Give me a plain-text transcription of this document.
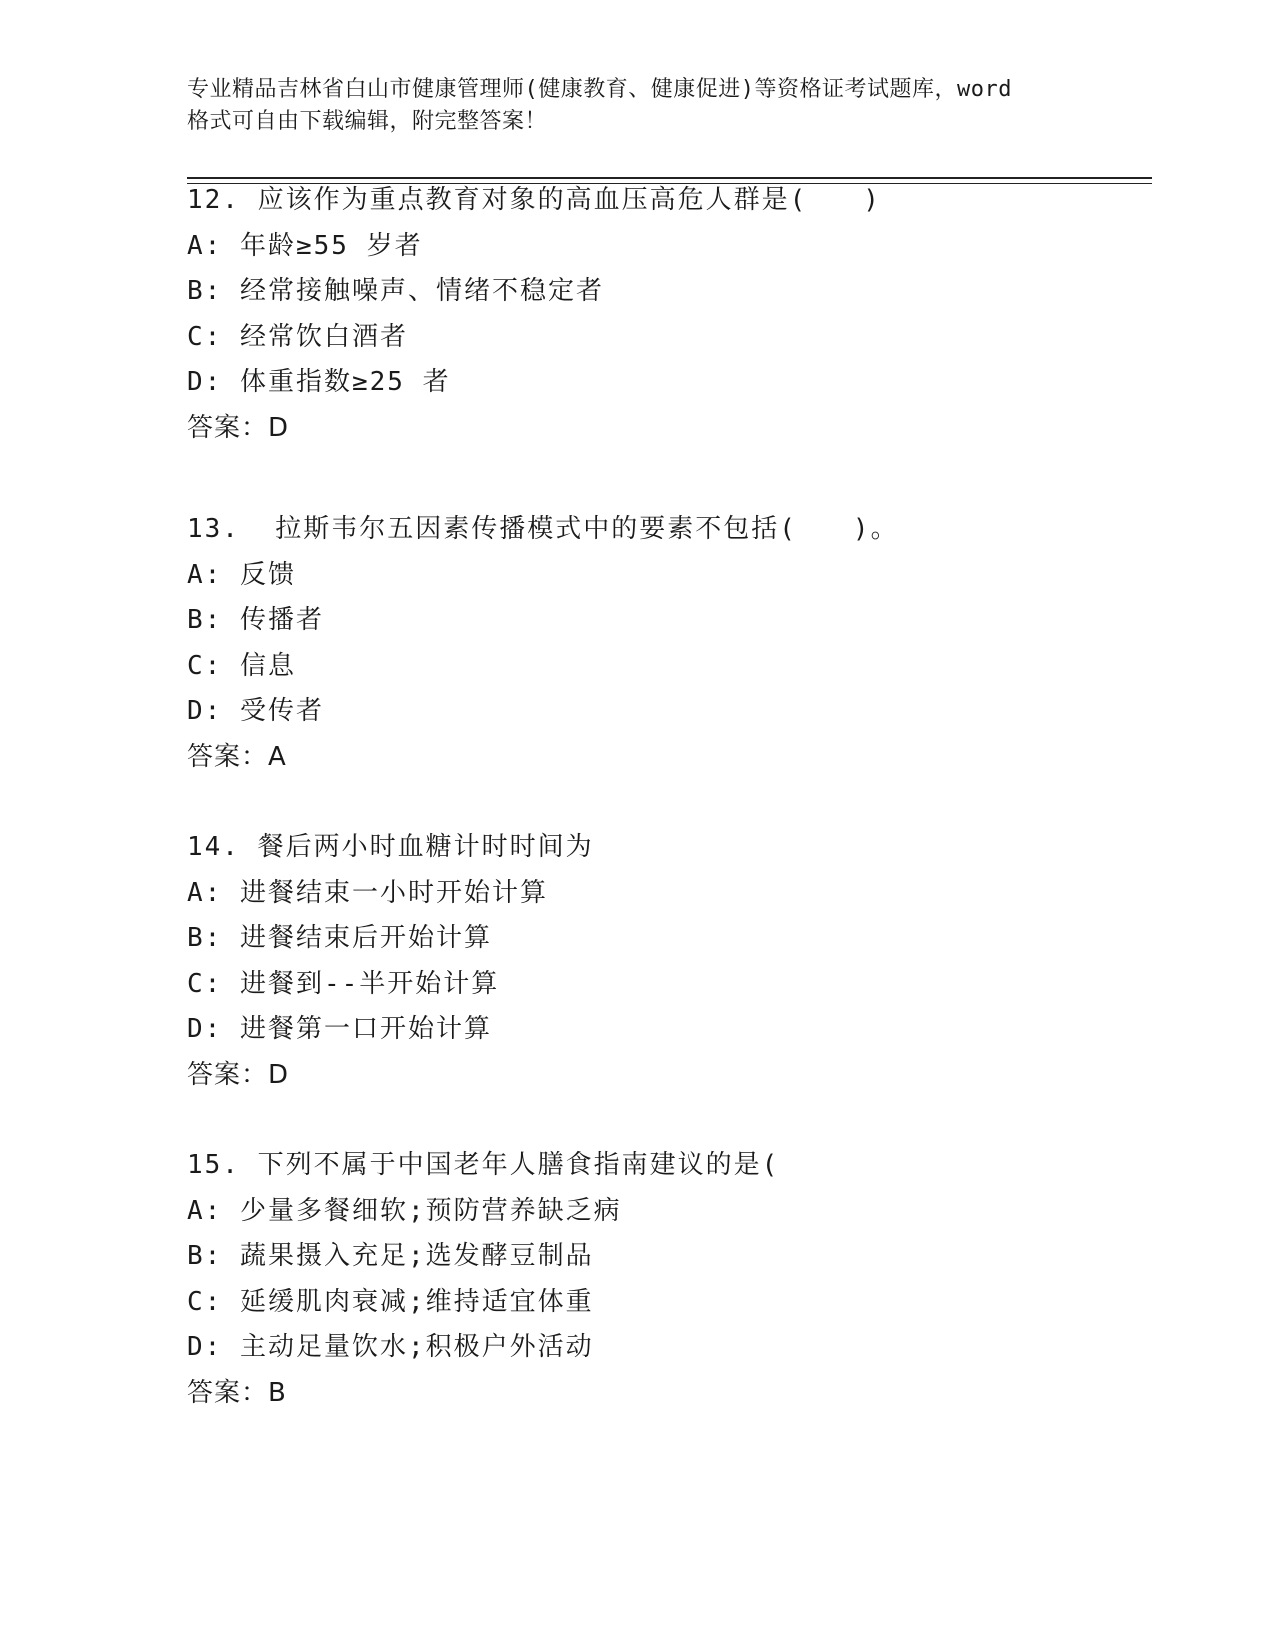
专业精品吉林省白山市健康管理师(健康教育、健康促进)等资格证考试题库，word
格式可自由下载编辑，附完整答案！
12. 应该作为重点教育对象的高血压高危人群是(　　)
A: 年龄≥55 岁者
B: 经常接触噪声、情绪不稳定者
C: 经常饮白酒者
D: 体重指数≥25 者
答案：D
13.  拉斯韦尔五因素传播模式中的要素不包括(　　)。
A: 反馈
B: 传播者
C: 信息
D: 受传者
答案：A
14. 餐后两小时血糖计时时间为
A: 进餐结束一小时开始计算
B: 进餐结束后开始计算
C: 进餐到--半开始计算
D: 进餐第一口开始计算
答案：D
15. 下列不属于中国老年人膳食指南建议的是(
A: 少量多餐细软;预防营养缺乏病
B: 蔬果摄入充足;选发酵豆制品
C: 延缓肌肉衰减;维持适宜体重
D: 主动足量饮水;积极户外活动
答案：B
